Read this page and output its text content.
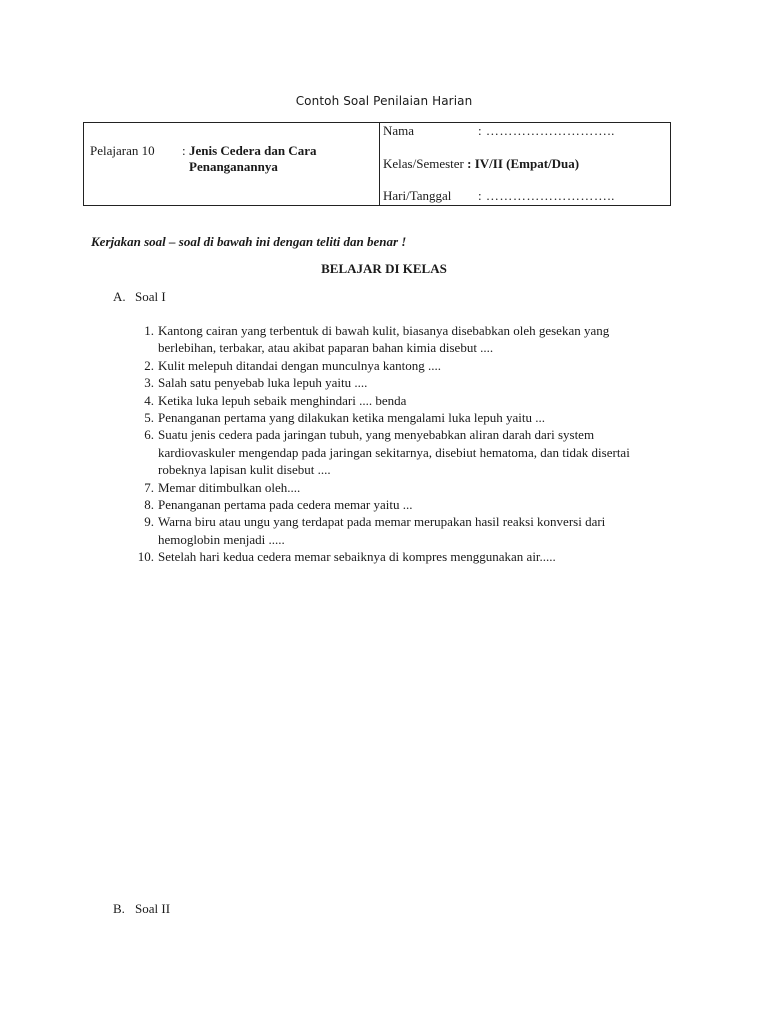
Contoh Soal Penilaian Harian
Pelajaran 10 : Jenis Cedera dan Cara Penanganannya
Nama	: ………………………..
Kelas/Semester : IV/II (Empat/Dua)
Hari/Tanggal : ………………………..
Kerjakan soal – soal di bawah ini dengan teliti dan benar !
BELAJAR DI KELAS
A. Soal I
1. Kantong cairan yang terbentuk di bawah kulit, biasanya disebabkan oleh gesekan yang berlebihan, terbakar, atau akibat paparan bahan kimia disebut ....
2. Kulit melepuh ditandai dengan munculnya kantong ....
3. Salah satu penyebab luka lepuh yaitu ....
4. Ketika luka lepuh sebaik menghindari .... benda
5. Penanganan pertama yang dilakukan ketika mengalami luka lepuh yaitu ...
6. Suatu jenis cedera pada jaringan tubuh, yang menyebabkan aliran darah dari system kardiovaskuler mengendap pada jaringan sekitarnya, disebiut hematoma, dan tidak disertai robeknya lapisan kulit disebut ....
7. Memar ditimbulkan oleh....
8. Penanganan pertama pada cedera memar yaitu ...
9. Warna biru atau ungu yang terdapat pada memar merupakan hasil reaksi konversi dari hemoglobin menjadi .....
10. Setelah hari kedua cedera memar sebaiknya di kompres menggunakan air.....
B. Soal II
